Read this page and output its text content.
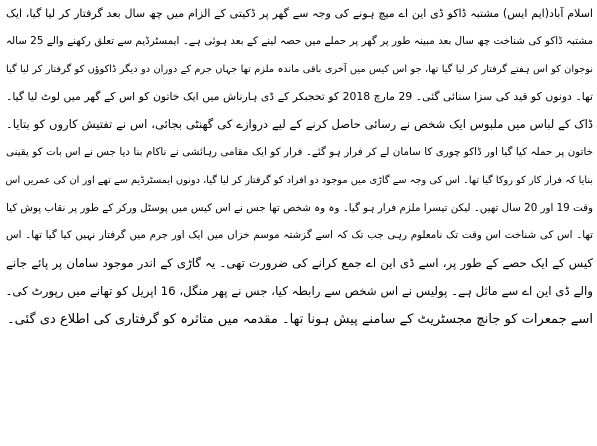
اسلام آباد(ایم ایس) مشتبہ ڈاکو ڈی این اے میچ ہونے کی وجہ سے گھر پر ڈکیتی کے الزام میں چھ سال بعد گرفتار کر لیا گیا، ایک
مشتبہ ڈاکو کی شناخت چھ سال بعد مبینہ طور پر گھر پر حملے میں حصہ لینے کے بعد ہوئی ہے۔ ایمسٹرڈیم سے تعلق رکھنے والے 25 سالہ
نوجوان کو اس ہفتے گرفتار کر لیا گیا تھا، جو اس کیس میں آخری باقی ماندہ ملزم تھا جہاں جرم کے دوران دو دیگر ڈاکوؤں کو گرفتار کر لیا گیا
تھا۔ دونوں کو قید کی سزا سنائی گئی۔ 29 مارچ 2018 کو تحجبکر کے ڈی ہارناش میں ایک خاتون کو اس کے گھر میں لوٹ لیا گیا۔
ڈاک کے لباس میں ملبوس ایک شخص نے رسائی حاصل کرنے کے لیے دروازے کی گھنٹی بجائی، اس نے تفتیش کاروں کو بتایا۔
خاتون پر حملہ کیا گیا اور ڈاکو چوری کا سامان لے کر فرار ہو گئے۔ فرار کو ایک مقامی رہائشی نے ناکام بنا دیا جس نے اس بات کو یقینی
بنایا کہ فرار کار کو روکا گیا تھا۔ اس کی وجہ سے گاڑی میں موجود دو افراد کو گرفتار کر لیا گیا، دونوں ایمسٹرڈیم سے تھے اور ان کی عمریں اس
وقت 19 اور 20 سال تھیں۔ لیکن تیسرا ملزم فرار ہو گیا۔ وہ وہ شخص تھا جس نے اس کیس میں پوسٹل ورکر کے طور پر نقاب پوش کیا
تھا۔ اس کی شناخت اس وقت تک نامعلوم رہی جب تک کہ اسے گزشتہ موسم خزاں میں ایک اور جرم میں گرفتار نہیں کیا گیا تھا۔ اس
کیس کے ایک حصے کے طور پر، اسے ڈی این اے جمع کرانے کی ضرورت تھی۔ یہ گاڑی کے اندر موجود سامان پر پائے جانے
والے ڈی این اے سے ماثل ہے۔ پولیس نے اس شخص سے رابطہ کیا، جس نے پھر منگل، 16 اپریل کو تھانے میں رپورٹ کی۔
اسے جمعرات کو جانچ مجسٹریٹ کے سامنے پیش ہونا تھا۔ مقدمہ میں متاثرہ کو گرفتاری کی اطلاع دی گئی۔
